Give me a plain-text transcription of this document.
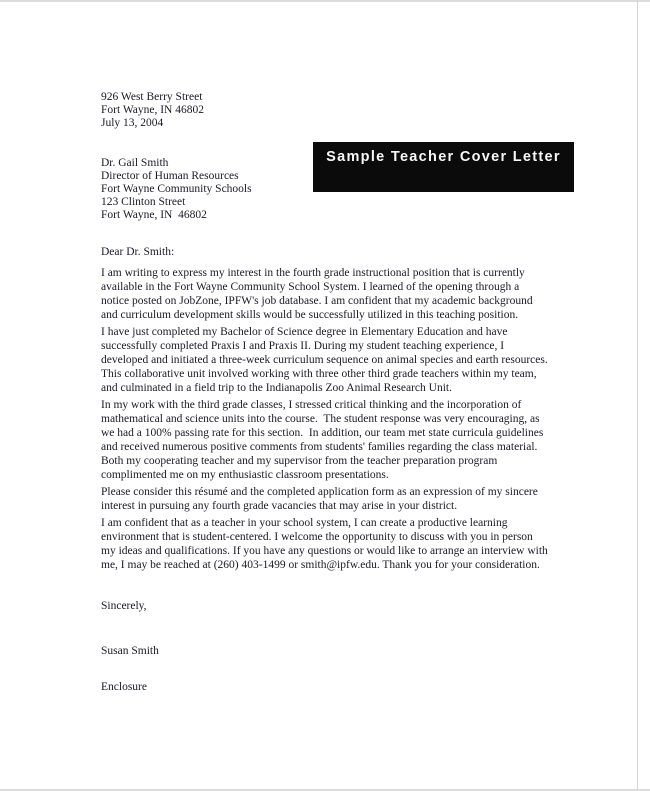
Sample Teacher Cover Letter
926 West Berry Street
Fort Wayne, IN 46802
July 13, 2004
Dr. Gail Smith
Director of Human Resources
Fort Wayne Community Schools
123 Clinton Street
Fort Wayne, IN  46802
Dear Dr. Smith:

I am writing to express my interest in the fourth grade instructional position that is currently available in the Fort Wayne Community School System. I learned of the opening through a notice posted on JobZone, IPFW's job database. I am confident that my academic background and curriculum development skills would be successfully utilized in this teaching position.

I have just completed my Bachelor of Science degree in Elementary Education and have successfully completed Praxis I and Praxis II. During my student teaching experience, I developed and initiated a three-week curriculum sequence on animal species and earth resources. This collaborative unit involved working with three other third grade teachers within my team, and culminated in a field trip to the Indianapolis Zoo Animal Research Unit.

In my work with the third grade classes, I stressed critical thinking and the incorporation of mathematical and science units into the course.  The student response was very encouraging, as we had a 100% passing rate for this section.  In addition, our team met state curricula guidelines and received numerous positive comments from students' families regarding the class material. Both my cooperating teacher and my supervisor from the teacher preparation program complimented me on my enthusiastic classroom presentations.

Please consider this résumé and the completed application form as an expression of my sincere interest in pursuing any fourth grade vacancies that may arise in your district.

I am confident that as a teacher in your school system, I can create a productive learning environment that is student-centered. I welcome the opportunity to discuss with you in person my ideas and qualifications. If you have any questions or would like to arrange an interview with me, I may be reached at (260) 403-1499 or smith@ipfw.edu. Thank you for your consideration.

Sincerely,
Susan Smith
Enclosure
